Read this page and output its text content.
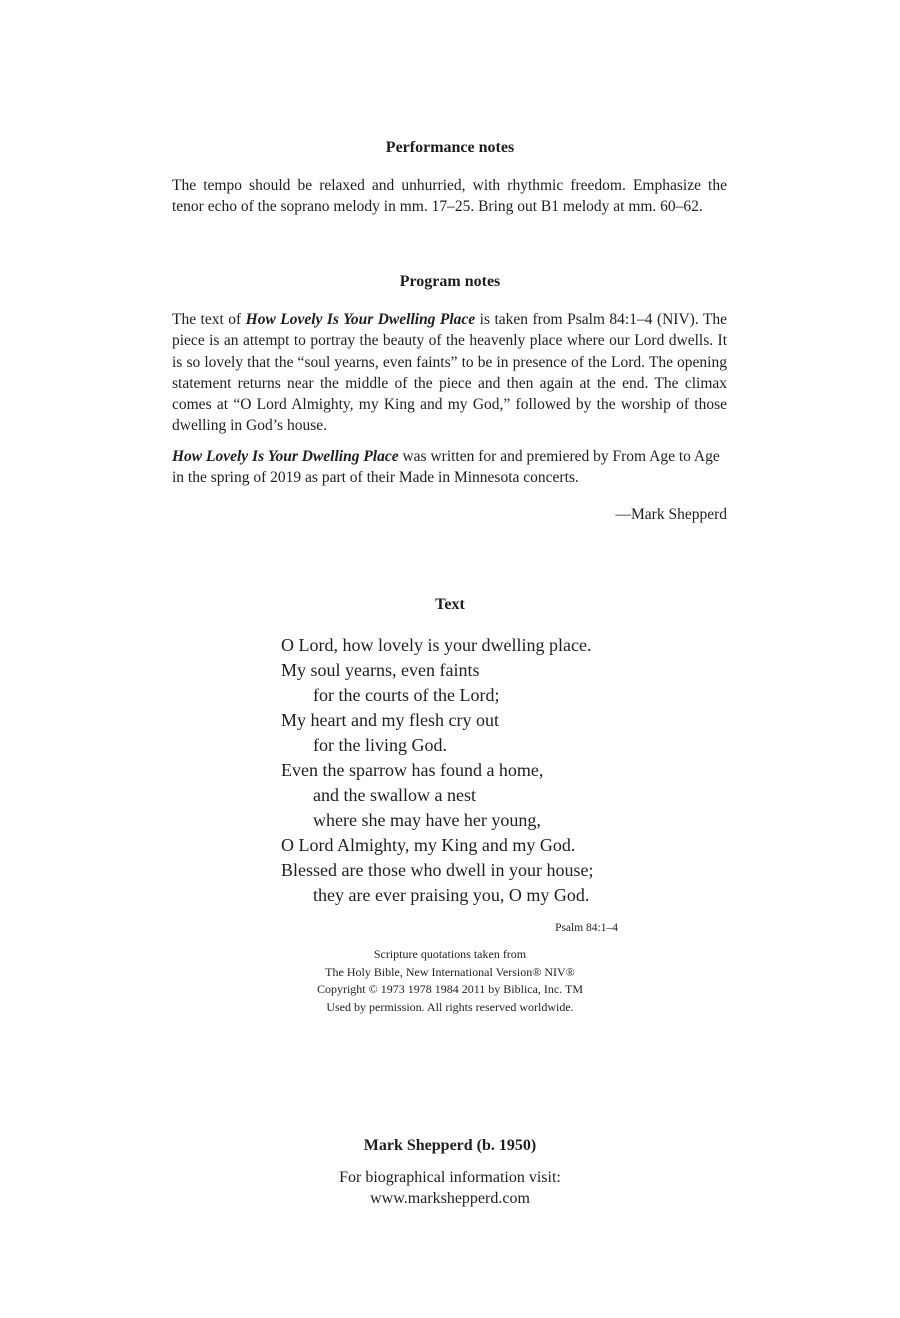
Performance notes

The tempo should be relaxed and unhurried, with rhythmic freedom. Emphasize the tenor echo of the soprano melody in mm. 17–25. Bring out B1 melody at mm. 60–62.

Program notes

The text of How Lovely Is Your Dwelling Place is taken from Psalm 84:1–4 (NIV). The piece is an attempt to portray the beauty of the heavenly place where our Lord dwells. It is so lovely that the “soul yearns, even faints” to be in presence of the Lord. The opening statement returns near the middle of the piece and then again at the end. The climax comes at “O Lord Almighty, my King and my God,” followed by the worship of those dwelling in God’s house.

How Lovely Is Your Dwelling Place was written for and premiered by From Age to Age in the spring of 2019 as part of their Made in Minnesota concerts.

—Mark Shepperd
Text
O Lord, how lovely is your dwelling place.
My soul yearns, even faints
for the courts of the Lord;
My heart and my flesh cry out
for the living God.
Even the sparrow has found a home,
and the swallow a nest
where she may have her young,
O Lord Almighty, my King and my God.
Blessed are those who dwell in your house;
they are ever praising you, O my God.
Psalm 84:1–4
Scripture quotations taken from
The Holy Bible, New International Version® NIV®
Copyright © 1973 1978 1984 2011 by Biblica, Inc. TM
Used by permission. All rights reserved worldwide.
Mark Shepperd (b. 1950)
For biographical information visit:
www.markshepperd.com
